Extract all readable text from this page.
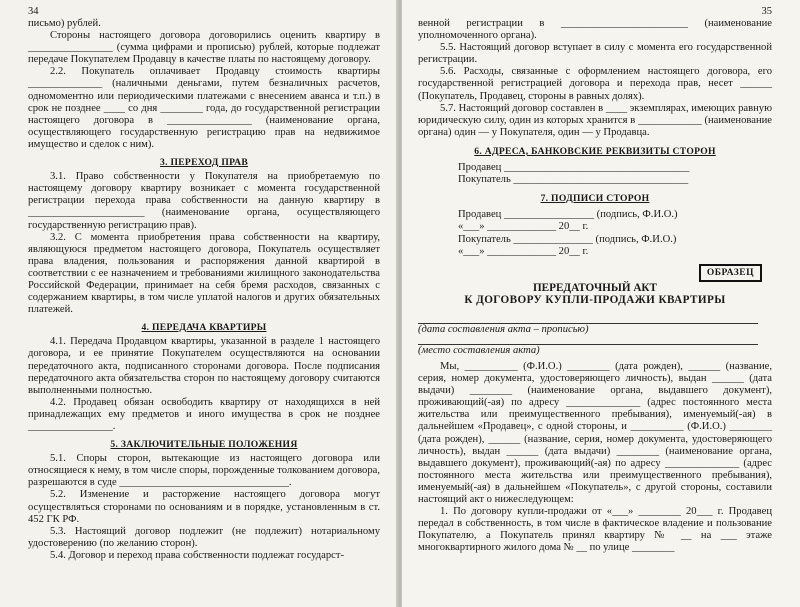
34

письмо) рублей.

Стороны настоящего договора договорились оценить квартиру в ________________ (сумма цифрами и прописью) рублей, которые подлежат передаче Покупателем Продавцу в качестве платы по настоящему договору.

2.2. Покупатель оплачивает Продавцу стоимость квартиры ______________ (наличными деньгами, путем безналичных расчетов, одномоментно или периодическими платежами с внесением аванса и т.п.) в срок не позднее ____ со дня ________ года, до государственной регистрации настоящего договора в ________________ (наименование органа, осуществляющего государственную регистрацию прав на недвижимое имущество и сделок с ним).

3. ПЕРЕХОД ПРАВ

3.1. Право собственности у Покупателя на приобретаемую по настоящему договору квартиру возникает с момента государственной регистрации перехода права собственности на данную квартиру в ______________________ (наименование органа, осуществляющего государственную регистрацию прав).

3.2. С момента приобретения права собственности на квартиру, являющуюся предметом настоящего договора, Покупатель осуществляет права владения, пользования и распоряжения данной квартирой в соответствии с ее назначением и требованиями жилищного законодательства Российской Федерации, принимает на себя бремя расходов, связанных с содержанием квартиры, в том числе уплатой налогов и других обязательных платежей.

4. ПЕРЕДАЧА КВАРТИРЫ

4.1. Передача Продавцом квартиры, указанной в разделе 1 настоящего договора, и ее принятие Покупателем осуществляются на основании передаточного акта, подписанного сторонами договора. После подписания передаточного акта обязательства сторон по настоящему договору считаются выполненными полностью.

4.2. Продавец обязан освободить квартиру от находящихся в ней принадлежащих ему предметов и иного имущества в срок не позднее ________________.

5. ЗАКЛЮЧИТЕЛЬНЫЕ ПОЛОЖЕНИЯ

5.1. Споры сторон, вытекающие из настоящего договора или относящиеся к нему, в том числе споры, порожденные толкованием договора, разрешаются в суде ________________________________.

5.2. Изменение и расторжение настоящего договора могут осуществляться сторонами по основаниям и в порядке, установленным в ст. 452 ГК РФ.

5.3. Настоящий договор подлежит (не подлежит) нотариальному удостоверению (по желанию сторон).

5.4. Договор и переход права собственности подлежат государст-

35

венной регистрации в ________________________ (наименование уполномоченного органа).

5.5. Настоящий договор вступает в силу с момента его государственной регистрации.

5.6. Расходы, связанные с оформлением настоящего договора, его государственной регистрацией договора и перехода прав, несет ______ (Покупатель, Продавец, стороны в равных долях).

5.7. Настоящий договор составлен в ____ экземплярах, имеющих равную юридическую силу, один из которых хранится в ____________ (наименование органа) один — у Покупателя, один — у Продавца.

6. АДРЕСА, БАНКОВСКИЕ РЕКВИЗИТЫ СТОРОН

Продавец ___________________________________

Покупатель _________________________________

7. ПОДПИСИ СТОРОН

Продавец _________________ (подпись, Ф.И.О.)

«___» _____________ 20__ г.

Покупатель _______________ (подпись, Ф.И.О.)

«___» _____________ 20__ г.

ОБРАЗЕЦ
ПЕРЕДАТОЧНЫЙ АКТ
К ДОГОВОРУ КУПЛИ-ПРОДАЖИ КВАРТИРЫ

(дата составления акта – прописью)

(место составления акта)

Мы, __________ (Ф.И.О.) ________ (дата рожден), ______ (название, серия, номер документа, удостоверяющего личность), выдан ______ (дата выдачи) ________ (наименование органа, выдавшего документ), проживающий(-ая) по адресу ______________ (адрес постоянного места жительства или преимущественного пребывания), именуемый(-ая) в дальнейшем «Продавец», с одной стороны, и __________ (Ф.И.О.) ________ (дата рожден), ______ (название, серия, номер документа, удостоверяющего личность), выдан ______ (дата выдачи) ________ (наименование органа, выдавшего документ), проживающий(-ая) по адресу ______________ (адрес постоянного места жительства или преимущественного пребывания), именуемый(-ая) в дальнейшем «Покупатель», с другой стороны, составили настоящий акт о нижеследующем:

1. По договору купли-продажи от «___» ________ 20___ г. Продавец передал в собственность, в том числе в фактическое владение и пользование Покупателю, а Покупатель принял квартиру № __ на ___ этаже многоквартирного жилого дома № __ по улице ________
